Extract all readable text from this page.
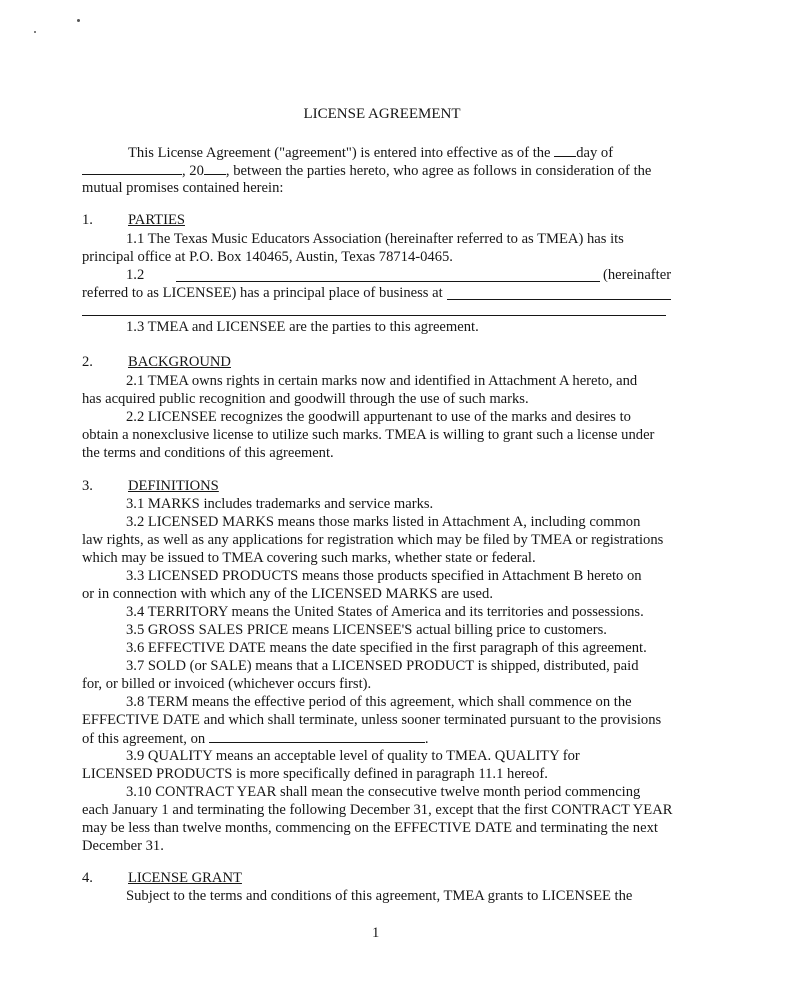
LICENSE AGREEMENT
This License Agreement ("agreement") is entered into effective as of the day of
, 20 , between the parties hereto, who agree as follows in consideration of the
mutual promises contained herein:
1. PARTIES
1.1 The Texas Music Educators Association (hereinafter referred to as TMEA) has its
principal office at P.O. Box 140465, Austin, Texas 78714-0465.
1.2	(hereinafter
referred to as LICENSEE) has a principal place of business at
1.3 TMEA and LICENSEE are the parties to this agreement.
2. BACKGROUND
2.1 TMEA owns rights in certain marks now and identified in Attachment A hereto, and
has acquired public recognition and goodwill through the use of such marks.
2.2 LICENSEE recognizes the goodwill appurtenant to use of the marks and desires to
obtain a nonexclusive license to utilize such marks. TMEA is willing to grant such a license under
the terms and conditions of this agreement.
3. DEFINITIONS
3.1 MARKS includes trademarks and service marks.
3.2 LICENSED MARKS means those marks listed in Attachment A, including common
law rights, as well as any applications for registration which may be filed by TMEA or registrations
which may be issued to TMEA covering such marks, whether state or federal.
3.3 LICENSED PRODUCTS means those products specified in Attachment B hereto on
or in connection with which any of the LICENSED MARKS are used.
3.4 TERRITORY means the United States of America and its territories and possessions.
3.5 GROSS SALES PRICE means LICENSEE'S actual billing price to customers.
3.6 EFFECTIVE DATE means the date specified in the first paragraph of this agreement.
3.7 SOLD (or SALE) means that a LICENSED PRODUCT is shipped, distributed, paid
for, or billed or invoiced (whichever occurs first).
3.8 TERM means the effective period of this agreement, which shall commence on the
EFFECTIVE DATE and which shall terminate, unless sooner terminated pursuant to the provisions
of this agreement, on	.
3.9 QUALITY means an acceptable level of quality to TMEA. QUALITY for
LICENSED PRODUCTS is more specifically defined in paragraph 11.1 hereof.
3.10 CONTRACT YEAR shall mean the consecutive twelve month period commencing
each January 1 and terminating the following December 31, except that the first CONTRACT YEAR
may be less than twelve months, commencing on the EFFECTIVE DATE and terminating the next
December 31.
4. LICENSE GRANT
Subject to the terms and conditions of this agreement, TMEA grants to LICENSEE the
1
